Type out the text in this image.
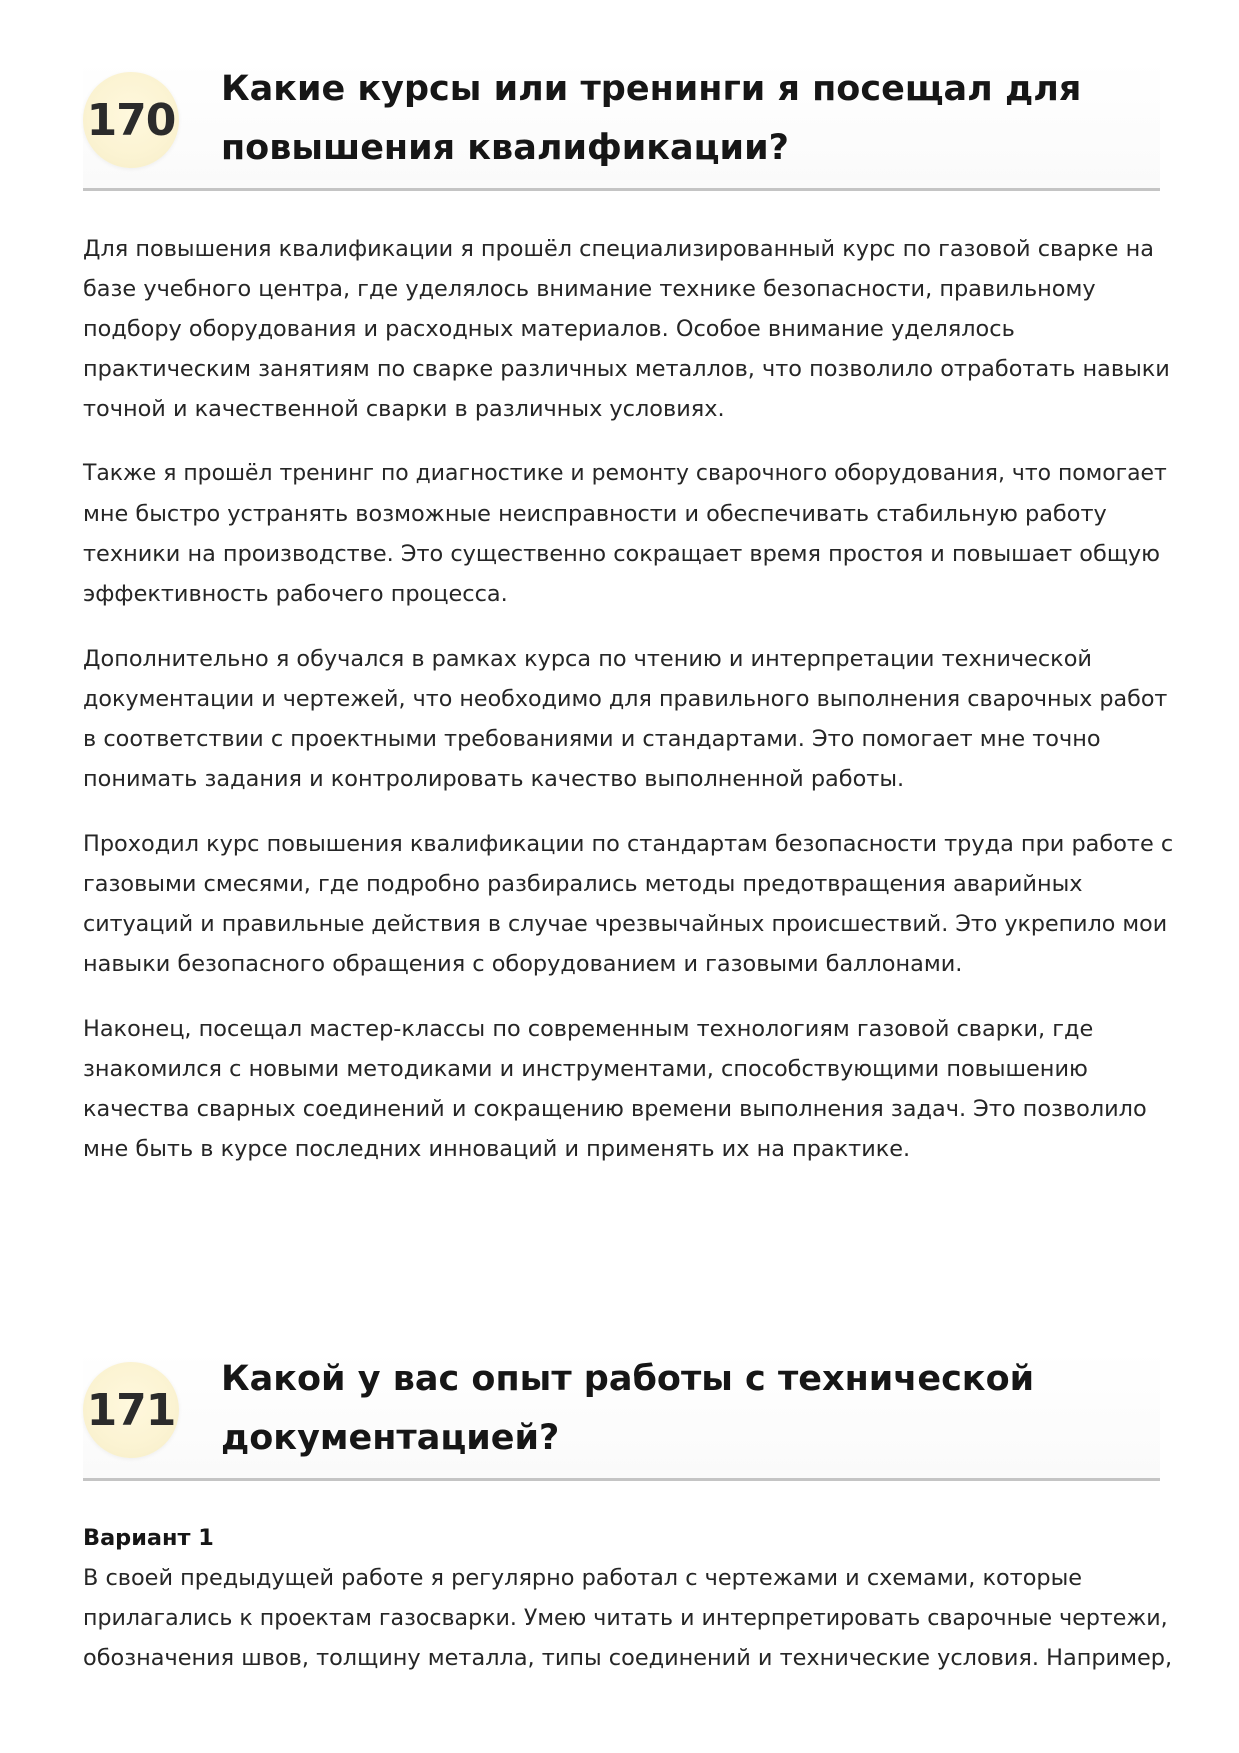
170
Какие курсы или тренинги я посещал для
повышения квалификации?

Для повышения квалификации я прошёл специализированный курс по газовой сварке на
базе учебного центра, где уделялось внимание технике безопасности, правильному
подбору оборудования и расходных материалов. Особое внимание уделялось
практическим занятиям по сварке различных металлов, что позволило отработать навыки
точной и качественной сварки в различных условиях.

Также я прошёл тренинг по диагностике и ремонту сварочного оборудования, что помогает
мне быстро устранять возможные неисправности и обеспечивать стабильную работу
техники на производстве. Это существенно сокращает время простоя и повышает общую
эффективность рабочего процесса.

Дополнительно я обучался в рамках курса по чтению и интерпретации технической
документации и чертежей, что необходимо для правильного выполнения сварочных работ
в соответствии с проектными требованиями и стандартами. Это помогает мне точно
понимать задания и контролировать качество выполненной работы.

Проходил курс повышения квалификации по стандартам безопасности труда при работе с
газовыми смесями, где подробно разбирались методы предотвращения аварийных
ситуаций и правильные действия в случае чрезвычайных происшествий. Это укрепило мои
навыки безопасного обращения с оборудованием и газовыми баллонами.

Наконец, посещал мастер-классы по современным технологиям газовой сварки, где
знакомился с новыми методиками и инструментами, способствующими повышению
качества сварных соединений и сокращению времени выполнения задач. Это позволило
мне быть в курсе последних инноваций и применять их на практике.

171
Какой у вас опыт работы с технической
документацией?

Вариант 1
В своей предыдущей работе я регулярно работал с чертежами и схемами, которые
прилагались к проектам газосварки. Умею читать и интерпретировать сварочные чертежи,
обозначения швов, толщину металла, типы соединений и технические условия. Например,
